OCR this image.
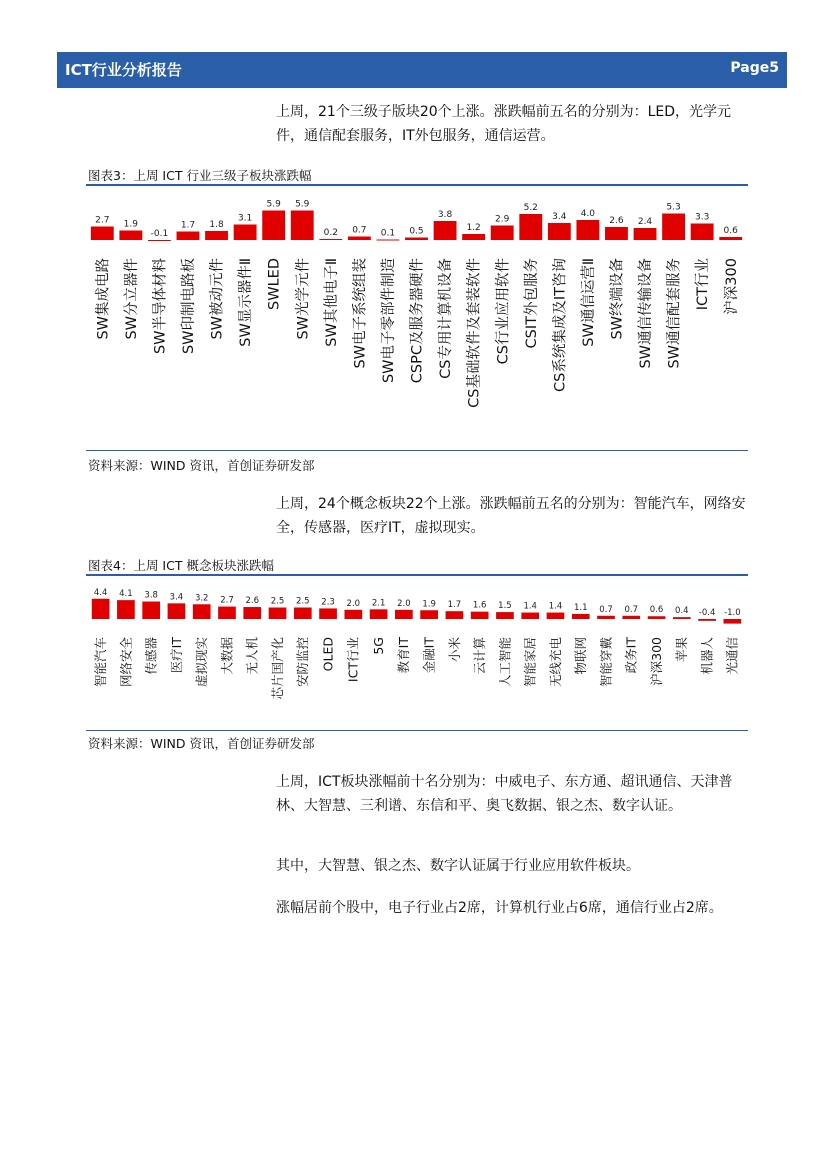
ICT行业分析报告	Page5

上周，21个三级子版块20个上涨。涨跌幅前五名的分别为：LED，光学元件，通信配套服务，IT外包服务，通信运营。

图表3：上周 ICT 行业三级子板块涨跌幅
2.7
SW集成电路
1.9
SW分立器件
-0.1
SW半导体材料
1.7
SW印制电路板
1.8
SW被动元件
3.1
SW显示器件Ⅱ
5.9
SWLED
5.9
SW光学元件
0.2
SW其他电子Ⅱ
0.7
SW电子系统组装
0.1
SW电子零部件制造
0.5
CSPC及服务器硬件
3.8
CS专用计算机设备
1.2
CS基础软件及套装软件
2.9
CS行业应用软件
5.2
CSIT外包服务
3.4
CS系统集成及IT咨询
4.0
SW通信运营Ⅱ
2.6
SW终端设备
2.4
SW通信传输设备
5.3
SW通信配套服务
3.3
ICT行业
0.6
沪深300
资料来源：WIND 资讯，首创证券研发部

上周，24个概念板块22个上涨。涨跌幅前五名的分别为：智能汽车，网络安全，传感器，医疗IT，虚拟现实。

图表4：上周 ICT 概念板块涨跌幅
4.4
智能汽车
4.1
网络安全
3.8
传感器
3.4
医疗IT
3.2
虚拟现实
2.7
大数据
2.6
无人机
2.5
芯片国产化
2.5
安防监控
2.3
OLED
2.0
ICT行业
2.1
5G
2.0
教育IT
1.9
金融IT
1.7
小米
1.6
云计算
1.5
人工智能
1.4
智能家居
1.4
无线充电
1.1
物联网
0.7
智能穿戴
0.7
政务IT
0.6
沪深300
0.4
苹果
-0.4
机器人
-1.0
光通信
资料来源：WIND 资讯，首创证券研发部

上周，ICT板块涨幅前十名分别为：中威电子、东方通、超讯通信、天津普林、大智慧、三利谱、东信和平、奥飞数据、银之杰、数字认证。

其中，大智慧、银之杰、数字认证属于行业应用软件板块。

涨幅居前个股中，电子行业占2席，计算机行业占6席，通信行业占2席。
